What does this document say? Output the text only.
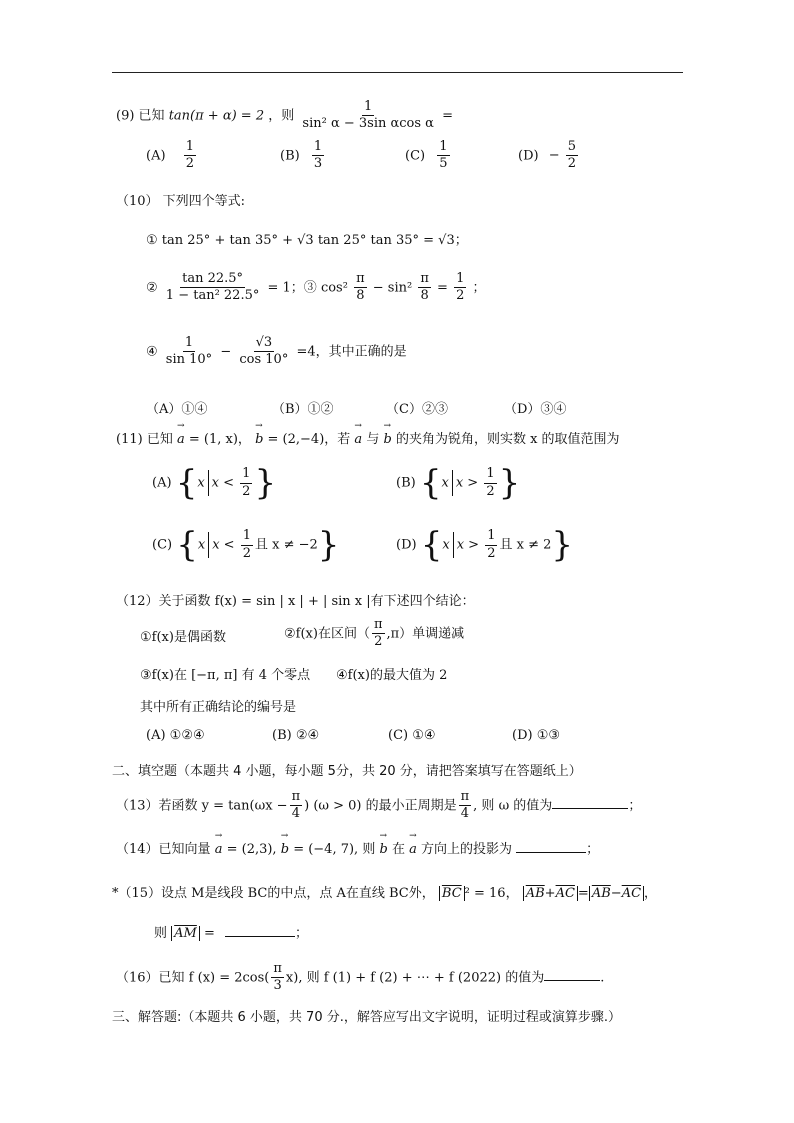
(9) 已知 tan(π + α) = 2 ，则 $\frac{1}{\text{sin² α − 3sin αcos α}}$ =
$(A) \frac{1}{2}$	$(B) \frac{1}{3}$	$(C) \frac{1}{5}$	$(D) - \frac{5}{2}$
（10） 下列四个等式:
① tan 25° + tan 35° + √3 tan 25° tan 35° = √3；
② $\frac{\tan 22.5^\circ}{\text{1 − tan² 22.5°}} = 1$；③ $\cos^2 \frac{\pi}{8} - \sin^2 \frac{\pi}{8} = \frac{1}{2}$ ；
④ $\frac{1}{\sin 10^\circ} - \frac{√3}{\cos 10^\circ} =4$，其中正确的是
（A）①④	（B）①②	（C）②③	（D）③④
(11) 已知 → a = (1, x)， → b = (2,−4)，若 → a 与 → b 的夹角为锐角，则实数 x 的取值范围为
(A) {x $x < \frac{1}{2}$ }	(B) {x $x > \frac{1}{2}$ }
(C) {x $x < \frac{1}{2}$ 且 x ≠ −2}	(D) {x $x > \frac{1}{2}$ 且 x ≠ 2}
（12）关于函数 f(x) = sin | x | + | sin x |有下述四个结论：
①f(x)是偶函数	②f(x)在区间（ $\frac{\pi}{2} ,\pi$）单调递减
③f(x)在 [−π, π] 有 4 个零点 ④f(x)的最大值为 2
其中所有正确结论的编号是
(A) ①②④	(B) ②④	(C) ①④	(D) ①③
二、填空题（本题共 4 小题，每小题 5分，共 20 分，请把答案填写在答题纸上）
（13）若函数 $y = \tan(\omega x - \frac{\pi}{4}$ ) (ω > 0) 的最小正周期是 $\frac{\pi}{4}$ , 则 ω 的值为	；
（14）已知向量 → a = (2,3), → b = (−4, 7), 则 → b 在 → a 方向上的投影为	；
*（15）设点 M是线段 BC的中点，点 A在直线 BC外， $\overline{BC}$ ² = 16， $\overline{AB}+\overline{AC} = \overline{AB}-\overline{AC}$ ，
则 $\overline{AM}$ =	；
（16）已知 f $(x) = 2\cos( \frac{\pi}{3} x)$, 则 f (1) + f (2) + ⋯ + f (2022) 的值为	.
三、解答题:（本题共 6 小题，共 70 分.，解答应写出文字说明，证明过程或演算步骤.）
